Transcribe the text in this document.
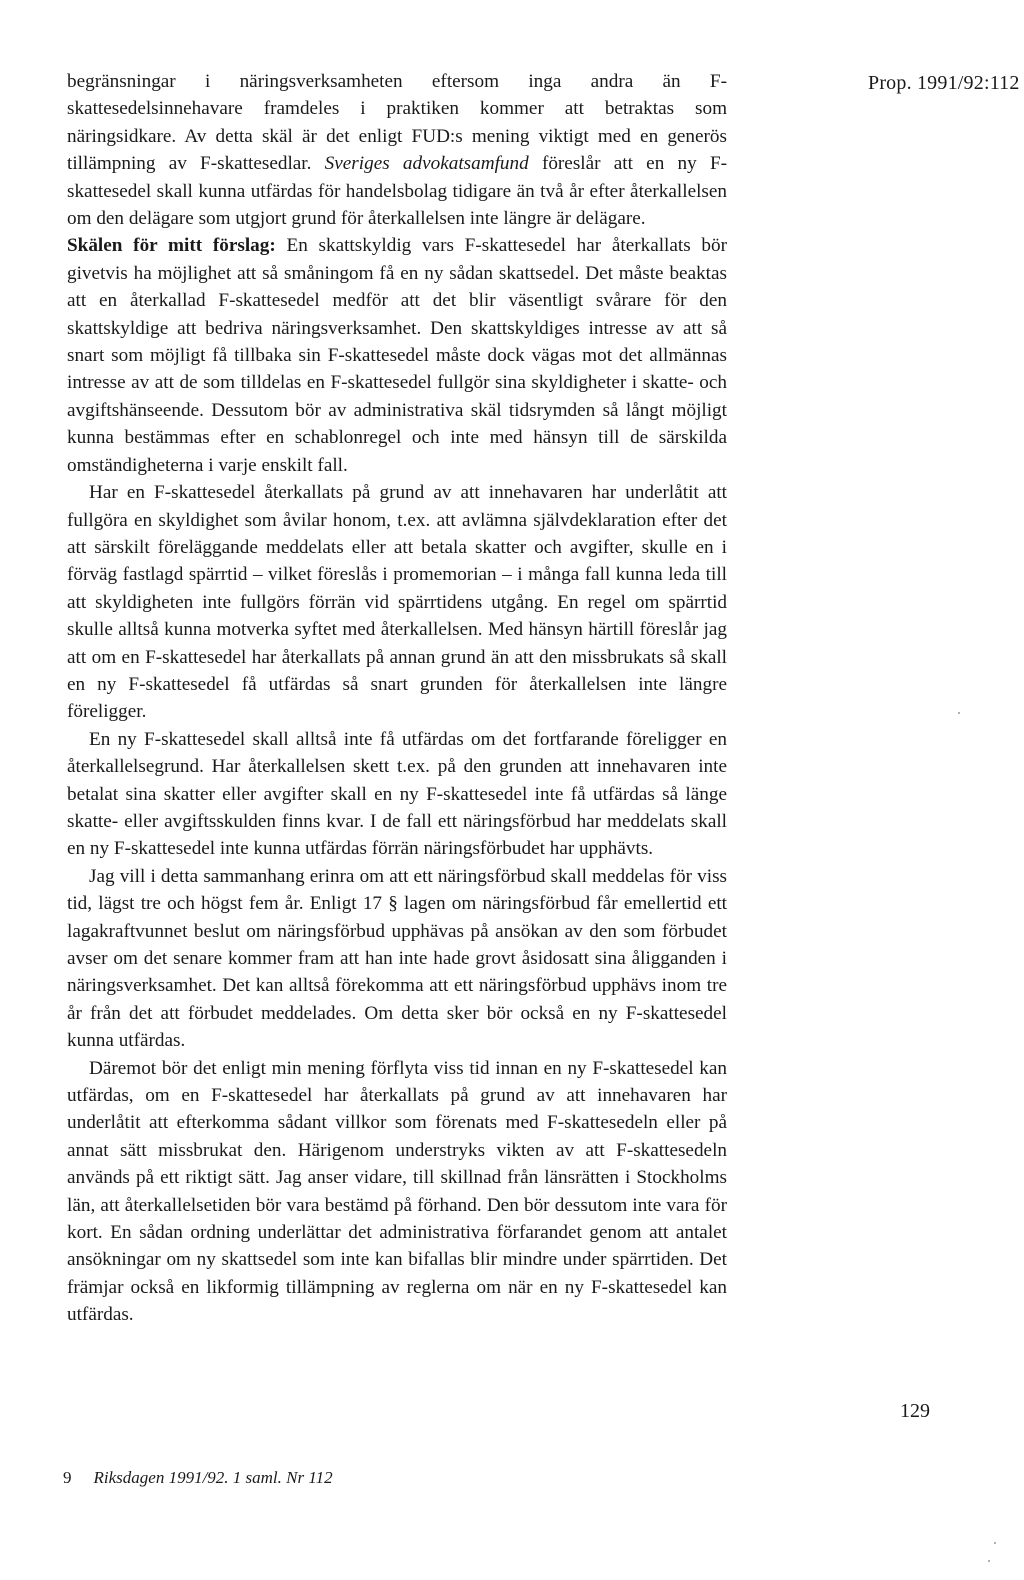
Prop. 1991/92:112

begränsningar i näringsverksamheten eftersom inga andra än F-skattesedelsinnehavare framdeles i praktiken kommer att betraktas som näringsidkare. Av detta skäl är det enligt FUD:s mening viktigt med en generös tillämpning av F-skattesedlar. Sveriges advokatsamfund föreslår att en ny F-skattesedel skall kunna utfärdas för handelsbolag tidigare än två år efter återkallelsen om den delägare som utgjort grund för återkallelsen inte längre är delägare.

Skälen för mitt förslag: En skattskyldig vars F-skattesedel har återkallats bör givetvis ha möjlighet att så småningom få en ny sådan skattsedel. Det måste beaktas att en återkallad F-skattesedel medför att det blir väsentligt svårare för den skattskyldige att bedriva näringsverksamhet. Den skattskyldiges intresse av att så snart som möjligt få tillbaka sin F-skattesedel måste dock vägas mot det allmännas intresse av att de som tilldelas en F-skattesedel fullgör sina skyldigheter i skatte- och avgiftshänseende. Dessutom bör av administrativa skäl tidsrymden så långt möjligt kunna bestämmas efter en schablonregel och inte med hänsyn till de särskilda omständigheterna i varje enskilt fall.

Har en F-skattesedel återkallats på grund av att innehavaren har underlåtit att fullgöra en skyldighet som åvilar honom, t.ex. att avlämna självdeklaration efter det att särskilt föreläggande meddelats eller att betala skatter och avgifter, skulle en i förväg fastlagd spärrtid – vilket föreslås i promemorian – i många fall kunna leda till att skyldigheten inte fullgörs förrän vid spärrtidens utgång. En regel om spärrtid skulle alltså kunna motverka syftet med återkallelsen. Med hänsyn härtill föreslår jag att om en F-skattesedel har återkallats på annan grund än att den missbrukats så skall en ny F-skattesedel få utfärdas så snart grunden för återkallelsen inte längre föreligger.

En ny F-skattesedel skall alltså inte få utfärdas om det fortfarande föreligger en återkallelsegrund. Har återkallelsen skett t.ex. på den grunden att innehavaren inte betalat sina skatter eller avgifter skall en ny F-skattesedel inte få utfärdas så länge skatte- eller avgiftsskulden finns kvar. I de fall ett näringsförbud har meddelats skall en ny F-skattesedel inte kunna utfärdas förrän näringsförbudet har upphävts.

Jag vill i detta sammanhang erinra om att ett näringsförbud skall meddelas för viss tid, lägst tre och högst fem år. Enligt 17 § lagen om näringsförbud får emellertid ett lagakraftvunnet beslut om näringsförbud upphävas på ansökan av den som förbudet avser om det senare kommer fram att han inte hade grovt åsidosatt sina åligganden i näringsverksamhet. Det kan alltså förekomma att ett näringsförbud upphävs inom tre år från det att förbudet meddelades. Om detta sker bör också en ny F-skattesedel kunna utfärdas.

Däremot bör det enligt min mening förflyta viss tid innan en ny F-skattesedel kan utfärdas, om en F-skattesedel har återkallats på grund av att innehavaren har underlåtit att efterkomma sådant villkor som förenats med F-skattesedeln eller på annat sätt missbrukat den. Härigenom understryks vikten av att F-skattesedeln används på ett riktigt sätt. Jag anser vidare, till skillnad från länsrätten i Stockholms län, att återkallelsetiden bör vara bestämd på förhand. Den bör dessutom inte vara för kort. En sådan ordning underlättar det administrativa förfarandet genom att antalet ansökningar om ny skattsedel som inte kan bifallas blir mindre under spärrtiden. Det främjar också en likformig tillämpning av reglerna om när en ny F-skattesedel kan utfärdas.

129
9 Riksdagen 1991/92. 1 saml. Nr 112
